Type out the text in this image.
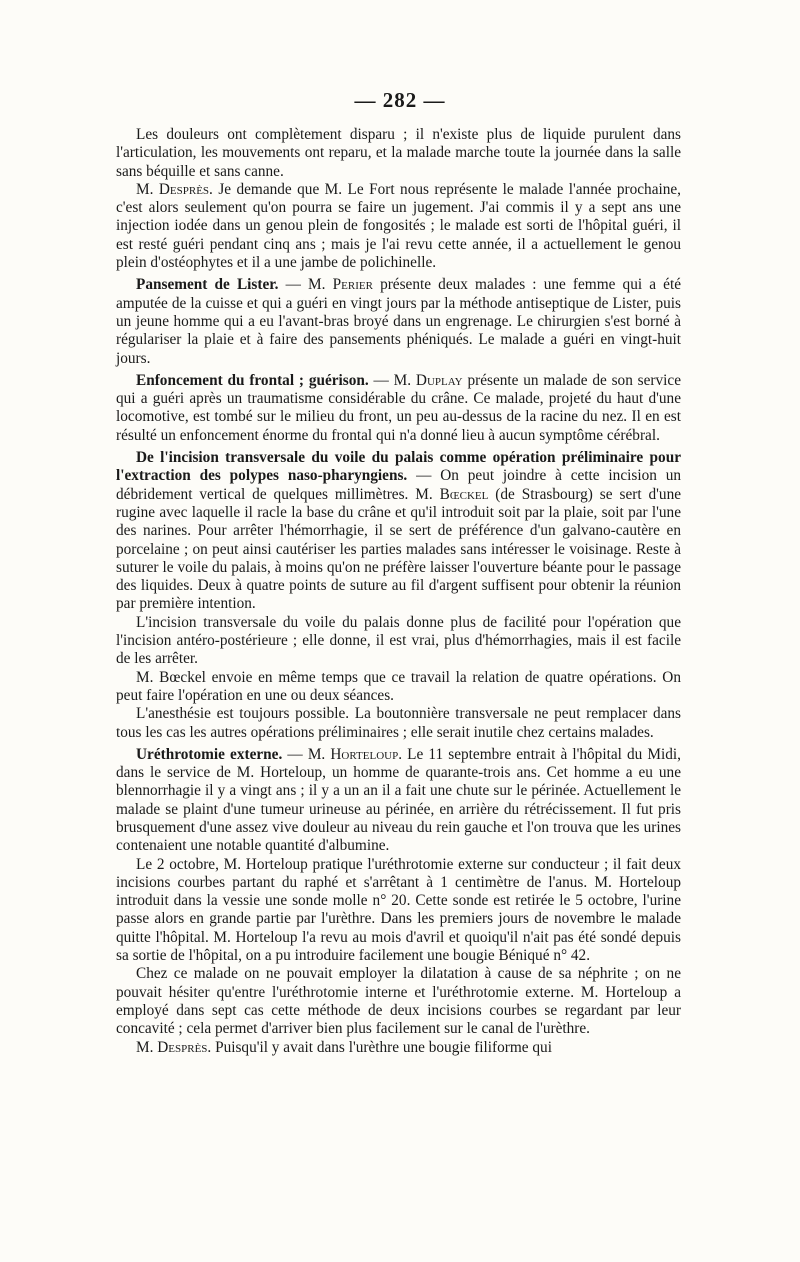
— 282 —

Les douleurs ont complètement disparu ; il n'existe plus de liquide purulent dans l'articulation, les mouvements ont reparu, et la malade marche toute la journée dans la salle sans béquille et sans canne.

M. Desprès. Je demande que M. Le Fort nous représente le malade l'année prochaine, c'est alors seulement qu'on pourra se faire un jugement. J'ai commis il y a sept ans une injection iodée dans un genou plein de fongosités ; le malade est sorti de l'hôpital guéri, il est resté guéri pendant cinq ans ; mais je l'ai revu cette année, il a actuellement le genou plein d'ostéophytes et il a une jambe de polichinelle.

Pansement de Lister. — M. Perier présente deux malades : une femme qui a été amputée de la cuisse et qui a guéri en vingt jours par la méthode antiseptique de Lister, puis un jeune homme qui a eu l'avant-bras broyé dans un engrenage. Le chirurgien s'est borné à régulariser la plaie et à faire des pansements phéniqués. Le malade a guéri en vingt-huit jours.

Enfoncement du frontal ; guérison. — M. Duplay présente un malade de son service qui a guéri après un traumatisme considérable du crâne. Ce malade, projeté du haut d'une locomotive, est tombé sur le milieu du front, un peu au-dessus de la racine du nez. Il en est résulté un enfoncement énorme du frontal qui n'a donné lieu à aucun symptôme cérébral.

De l'incision transversale du voile du palais comme opération préliminaire pour l'extraction des polypes naso-pharyngiens. — On peut joindre à cette incision un débridement vertical de quelques millimètres. M. Bœckel (de Strasbourg) se sert d'une rugine avec laquelle il racle la base du crâne et qu'il introduit soit par la plaie, soit par l'une des narines. Pour arrêter l'hémorrhagie, il se sert de préférence d'un galvano-cautère en porcelaine ; on peut ainsi cautériser les parties malades sans intéresser le voisinage. Reste à suturer le voile du palais, à moins qu'on ne préfère laisser l'ouverture béante pour le passage des liquides. Deux à quatre points de suture au fil d'argent suffisent pour obtenir la réunion par première intention.

L'incision transversale du voile du palais donne plus de facilité pour l'opération que l'incision antéro-postérieure ; elle donne, il est vrai, plus d'hémorrhagies, mais il est facile de les arrêter.

M. Bœckel envoie en même temps que ce travail la relation de quatre opérations. On peut faire l'opération en une ou deux séances.

L'anesthésie est toujours possible. La boutonnière transversale ne peut remplacer dans tous les cas les autres opérations préliminaires ; elle serait inutile chez certains malades.

Uréthrotomie externe. — M. Horteloup. Le 11 septembre entrait à l'hôpital du Midi, dans le service de M. Horteloup, un homme de quarante-trois ans. Cet homme a eu une blennorrhagie il y a vingt ans ; il y a un an il a fait une chute sur le périnée. Actuellement le malade se plaint d'une tumeur urineuse au périnée, en arrière du rétrécissement. Il fut pris brusquement d'une assez vive douleur au niveau du rein gauche et l'on trouva que les urines contenaient une notable quantité d'albumine.

Le 2 octobre, M. Horteloup pratique l'uréthrotomie externe sur conducteur ; il fait deux incisions courbes partant du raphé et s'arrêtant à 1 centimètre de l'anus. M. Horteloup introduit dans la vessie une sonde molle n° 20. Cette sonde est retirée le 5 octobre, l'urine passe alors en grande partie par l'urèthre. Dans les premiers jours de novembre le malade quitte l'hôpital. M. Horteloup l'a revu au mois d'avril et quoiqu'il n'ait pas été sondé depuis sa sortie de l'hôpital, on a pu introduire facilement une bougie Béniqué n° 42.

Chez ce malade on ne pouvait employer la dilatation à cause de sa néphrite ; on ne pouvait hésiter qu'entre l'uréthrotomie interne et l'uréthrotomie externe. M. Horteloup a employé dans sept cas cette méthode de deux incisions courbes se regardant par leur concavité ; cela permet d'arriver bien plus facilement sur le canal de l'urèthre.

M. Desprès. Puisqu'il y avait dans l'urèthre une bougie filiforme qui
